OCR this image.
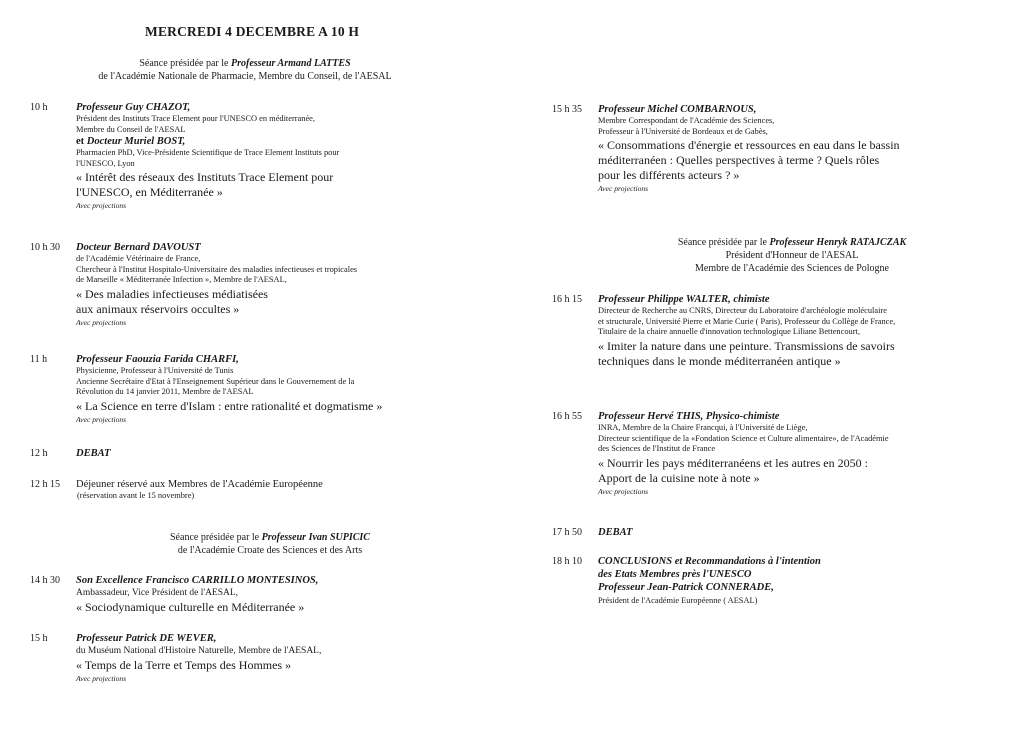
MERCREDI 4 DECEMBRE A 10 H
Séance présidée par le Professeur Armand LATTES
de l'Académie Nationale de Pharmacie, Membre du Conseil, de l'AESAL
10 h	Professeur Guy CHAZOT,
Président des Instituts Trace Element pour l'UNESCO en méditerranée,
Membre du Conseil de l'AESAL
et Docteur Muriel BOST,
Pharmacien PhD, Vice-Présidente Scientifique de Trace Element Instituts pour
l'UNESCO, Lyon
« Intérêt des réseaux des Instituts Trace Element pour
l'UNESCO, en Méditerranée »
Avec projections
10 h 30 Docteur Bernard DAVOUST
de l'Académie Vétérinaire de France,
Chercheur à l'Institut Hospitalo-Universitaire des maladies infectieuses et tropicales
de Marseille « Méditerranée Infection », Membre de l'AESAL,
« Des maladies infectieuses médiatisées
aux animaux réservoirs occultes »
Avec projections
11 h	Professeur Faouzia Farida CHARFI,
Physicienne, Professeur à l'Université de Tunis
Ancienne Secrétaire d'Etat à l'Enseignement Supérieur dans le Gouvernement de la
Révolution du 14 janvier 2011, Membre de l'AESAL
« La Science en terre d'Islam : entre rationalité et dogmatisme »
Avec projections
12 h	DEBAT
12 h 15 Déjeuner réservé aux Membres de l'Académie Européenne
(réservation avant le 15 novembre)
Séance présidée par le Professeur Ivan SUPICIC
de l'Académie Croate des Sciences et des Arts
14 h 30 Son Excellence Francisco CARRILLO MONTESINOS,
Ambassadeur, Vice Président de l'AESAL,
« Sociodynamique culturelle en Méditerranée »
15 h	Professeur Patrick DE WEVER,
du Muséum National d'Histoire Naturelle, Membre de l'AESAL,
« Temps de la Terre et Temps des Hommes »
Avec projections
15 h 35 Professeur Michel COMBARNOUS,
Membre Correspondant de l'Académie des Sciences,
Professeur à l'Université de Bordeaux et de Gabès,
« Consommations d'énergie et ressources en eau dans le bassin
méditerranéen : Quelles perspectives à terme ? Quels rôles
pour les différents acteurs ? »
Avec projections
Séance présidée par le Professeur Henryk RATAJCZAK
Président d'Honneur de l'AESAL
Membre de l'Académie des Sciences de Pologne
16 h 15 Professeur Philippe WALTER, chimiste
Directeur de Recherche au CNRS, Directeur du Laboratoire d'archéologie moléculaire
et structurale, Université Pierre et Marie Curie ( Paris), Professeur du Collège de France,
Titulaire de la chaire annuelle d'innovation technologique Liliane Bettencourt,
« Imiter la nature dans une peinture. Transmissions de savoirs
techniques dans le monde méditerranéen antique »
16 h 55 Professeur Hervé THIS, Physico-chimiste
INRA, Membre de la Chaire Francqui, à l'Université de Liège,
Directeur scientifique de la «Fondation Science et Culture alimentaire», de l'Académie
des Sciences de l'Institut de France
« Nourrir les pays méditerranéens et les autres en 2050 :
Apport de la cuisine note à note »
Avec projections
17 h 50 DEBAT
18 h 10 CONCLUSIONS et Recommandations à l'intention
des Etats Membres près l'UNESCO
Professeur Jean-Patrick CONNERADE,
Président de l'Académie Européenne ( AESAL)
